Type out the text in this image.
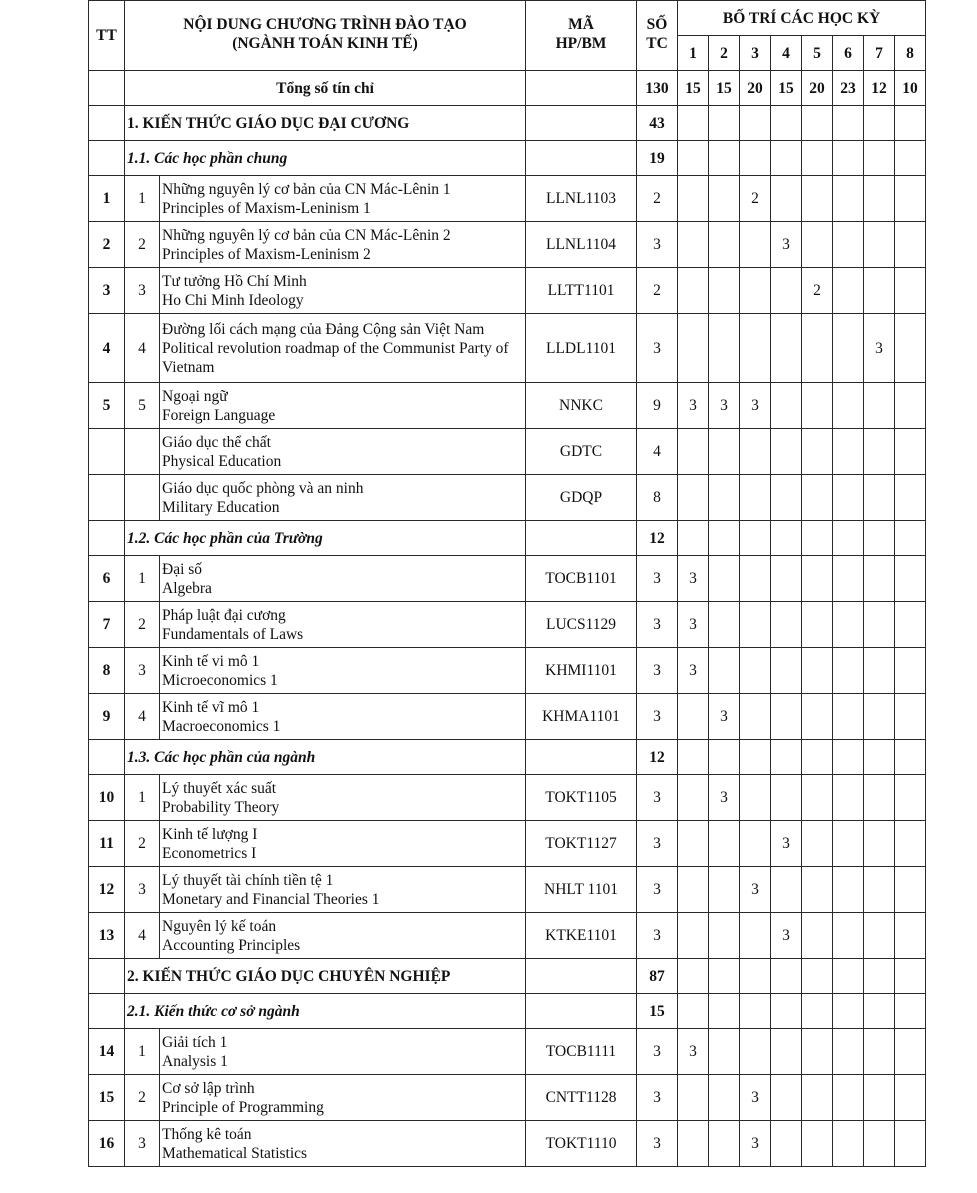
TT	NỘI DUNG CHƯƠNG TRÌNH ĐÀO TẠO
(NGÀNH TOÁN KINH TẾ)		MÃ
HP/BM	SỐ
TC	BỐ TRÍ CÁC HỌC KỲ							
					1	2	3	4	5	6	7	8
	Tổng số tín chỉ			130	15	15	20	15	20	23	12	10
	1. KIẾN THỨC GIÁO DỤC ĐẠI CƯƠNG			43								
	1.1. Các học phần chung			19								
1	1	Những nguyên lý cơ bản của CN Mác-Lênin 1
Principles of Maxism-Leninism 1	LLNL1103	2			2					
2	2	Những nguyên lý cơ bản của CN Mác-Lênin 2
Principles of Maxism-Leninism 2	LLNL1104	3				3				
3	3	Tư tưởng Hồ Chí Minh
Ho Chi Minh Ideology	LLTT1101	2					2			
4	4	Đường lối cách mạng của Đảng Cộng sản Việt Nam
Political revolution roadmap of the Communist Party of Vietnam	LLDL1101	3							3	
5	5	Ngoại ngữ
Foreign Language	NNKC	9	3	3	3					

		Giáo dục thể chất
Physical Education	GDTC	4								

		Giáo dục quốc phòng và an ninh
Military Education	GDQP	8								
	1.2. Các học phần của Trường			12								
6	1	Đại số
Algebra	TOCB1101	3	3							
7	2	Pháp luật đại cương
Fundamentals of Laws	LUCS1129	3	3							
8	3	Kinh tế vi mô 1
Microeconomics 1	KHMI1101	3	3							
9	4	Kinh tế vĩ mô 1
Macroeconomics 1	KHMA1101	3		3						
	1.3. Các học phần của ngành			12								
10	1	Lý thuyết xác suất
Probability Theory	TOKT1105	3		3						
11	2	Kinh tế lượng I
Econometrics I	TOKT1127	3				3				
12	3	Lý thuyết tài chính tiền tệ 1
Monetary and Financial Theories 1	NHLT 1101	3			3					
13	4	Nguyên lý kế toán
Accounting Principles	KTKE1101	3				3				
	2. KIẾN THỨC GIÁO DỤC CHUYÊN NGHIỆP			87								
	2.1. Kiến thức cơ sở ngành			15								
14	1	Giải tích 1
Analysis 1	TOCB1111	3	3							
15	2	Cơ sở lập trình
Principle of Programming	CNTT1128	3			3					
16	3	Thống kê toán
Mathematical Statistics	TOKT1110	3			3					
